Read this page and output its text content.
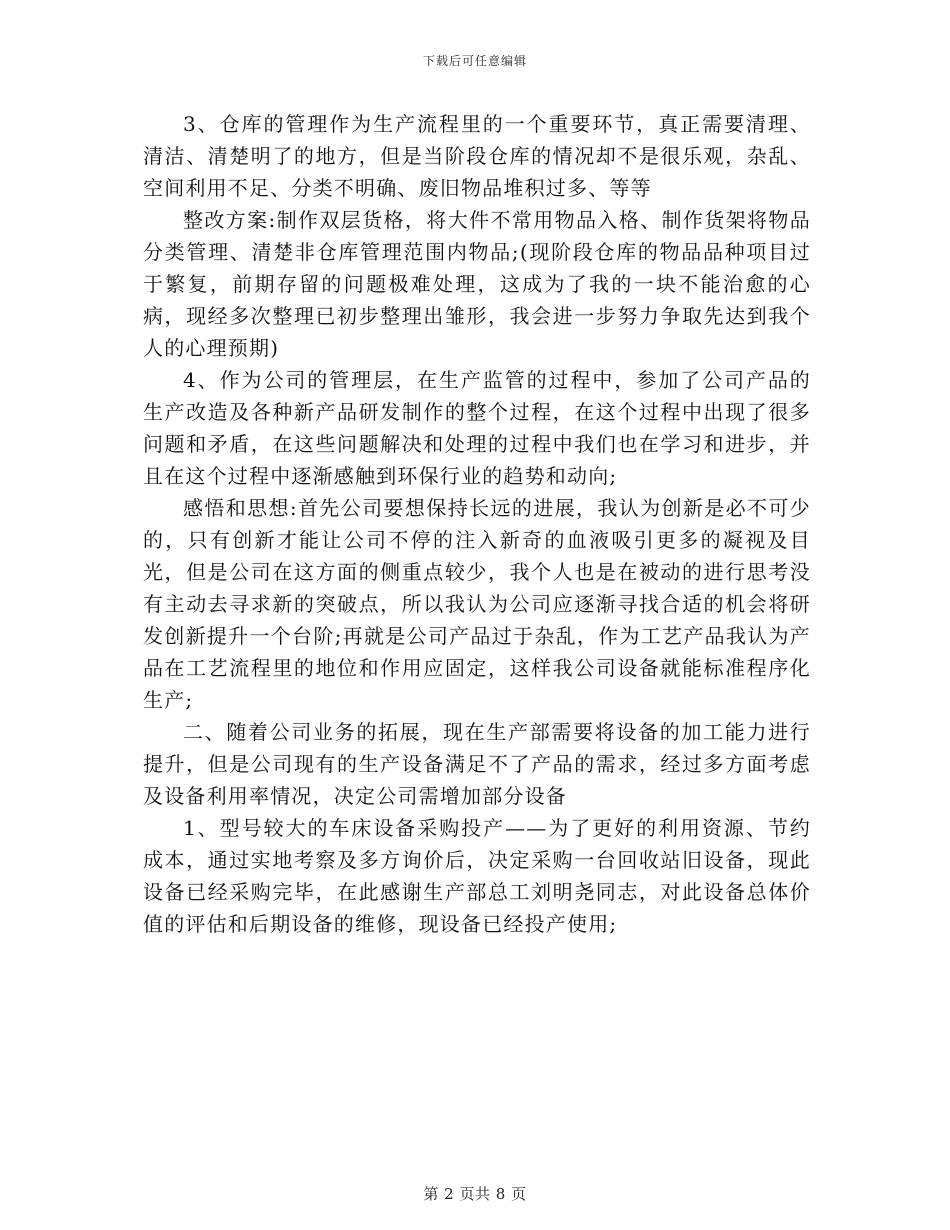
下载后可任意编辑

3、仓库的管理作为生产流程里的一个重要环节，真正需要清理、清洁、清楚明了的地方，但是当阶段仓库的情况却不是很乐观，杂乱、空间利用不足、分类不明确、废旧物品堆积过多、等等

整改方案:制作双层货格，将大件不常用物品入格、制作货架将物品分类管理、清楚非仓库管理范围内物品;(现阶段仓库的物品品种项目过于繁复，前期存留的问题极难处理，这成为了我的一块不能治愈的心病，现经多次整理已初步整理出雏形，我会进一步努力争取先达到我个人的心理预期)

4、作为公司的管理层，在生产监管的过程中，参加了公司产品的生产改造及各种新产品研发制作的整个过程，在这个过程中出现了很多问题和矛盾，在这些问题解决和处理的过程中我们也在学习和进步，并且在这个过程中逐渐感触到环保行业的趋势和动向;

感悟和思想:首先公司要想保持长远的进展，我认为创新是必不可少的，只有创新才能让公司不停的注入新奇的血液吸引更多的凝视及目光，但是公司在这方面的侧重点较少，我个人也是在被动的进行思考没有主动去寻求新的突破点，所以我认为公司应逐渐寻找合适的机会将研发创新提升一个台阶;再就是公司产品过于杂乱，作为工艺产品我认为产品在工艺流程里的地位和作用应固定，这样我公司设备就能标准程序化生产;

二、随着公司业务的拓展，现在生产部需要将设备的加工能力进行提升，但是公司现有的生产设备满足不了产品的需求，经过多方面考虑及设备利用率情况，决定公司需增加部分设备

1、型号较大的车床设备采购投产——为了更好的利用资源、节约成本，通过实地考察及多方询价后，决定采购一台回收站旧设备，现此设备已经采购完毕，在此感谢生产部总工刘明尧同志，对此设备总体价值的评估和后期设备的维修，现设备已经投产使用;

第 2 页共 8 页
